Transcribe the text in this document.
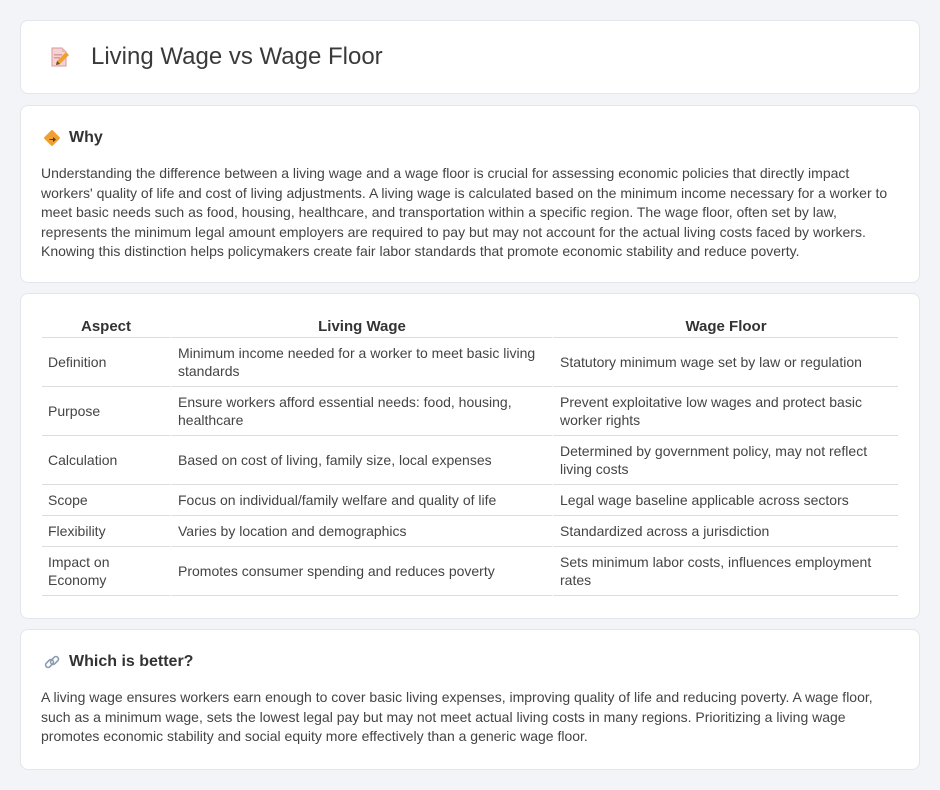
Living Wage vs Wage Floor
Why

Understanding the difference between a living wage and a wage floor is crucial for assessing economic policies that directly impact workers' quality of life and cost of living adjustments. A living wage is calculated based on the minimum income necessary for a worker to meet basic needs such as food, housing, healthcare, and transportation within a specific region. The wage floor, often set by law, represents the minimum legal amount employers are required to pay but may not account for the actual living costs faced by workers. Knowing this distinction helps policymakers create fair labor standards that promote economic stability and reduce poverty.

Aspect	Living Wage	Wage Floor
Definition	Minimum income needed for a worker to meet basic living standards	Statutory minimum wage set by law or regulation
Purpose	Ensure workers afford essential needs: food, housing, healthcare	Prevent exploitative low wages and protect basic worker rights
Calculation	Based on cost of living, family size, local expenses	Determined by government policy, may not reflect living costs
Scope	Focus on individual/family welfare and quality of life	Legal wage baseline applicable across sectors
Flexibility	Varies by location and demographics	Standardized across a jurisdiction
Impact on Economy	Promotes consumer spending and reduces poverty	Sets minimum labor costs, influences employment rates
Which is better?

A living wage ensures workers earn enough to cover basic living expenses, improving quality of life and reducing poverty. A wage floor, such as a minimum wage, sets the lowest legal pay but may not meet actual living costs in many regions. Prioritizing a living wage promotes economic stability and social equity more effectively than a generic wage floor.
